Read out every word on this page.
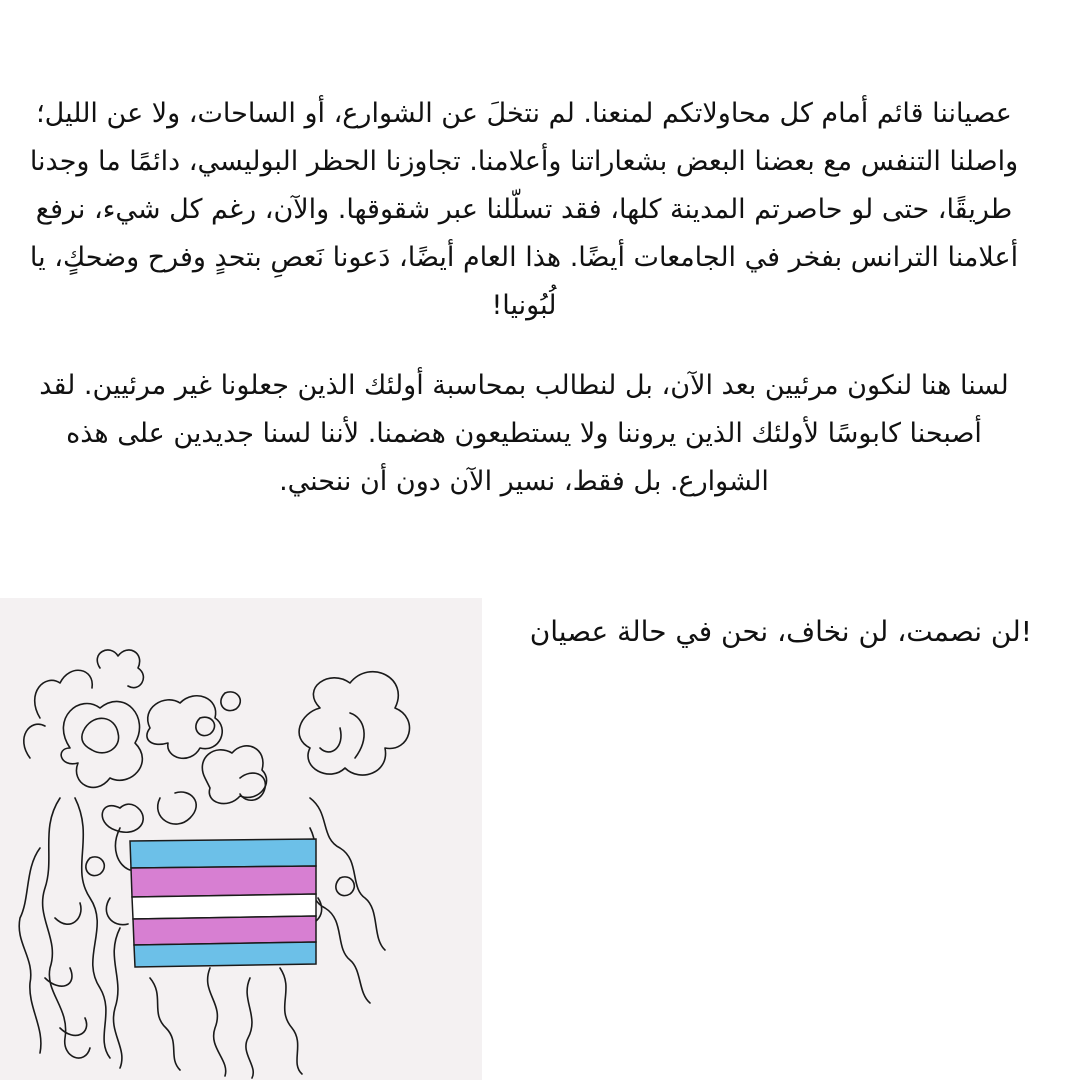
عصياننا قائم أمام كل محاولاتكم لمنعنا. لم نتخلَ عن الشوارع، أو الساحات، ولا عن الليل؛ واصلنا التنفس مع بعضنا البعض بشعاراتنا وأعلامنا. تجاوزنا الحظر البوليسي، دائمًا ما وجدنا طريقًا، حتى لو حاصرتم المدينة كلها، فقد تسلّلنا عبر شقوقها. والآن، رغم كل شيء، نرفع أعلامنا الترانس بفخر في الجامعات أيضًا. هذا العام أيضًا، دَعونا نَعصِ بتحدٍ وفرح وضحكٍ، يا لُبُونيا!

لسنا هنا لنكون مرئيين بعد الآن، بل لنطالب بمحاسبة أولئك الذين جعلونا غير مرئيين. لقد أصبحنا كابوسًا لأولئك الذين يروننا ولا يستطيعون هضمنا. لأننا لسنا جديدين على هذه الشوارع. بل فقط، نسير الآن دون أن ننحني.

!لن نصمت، لن نخاف، نحن في حالة عصيان
